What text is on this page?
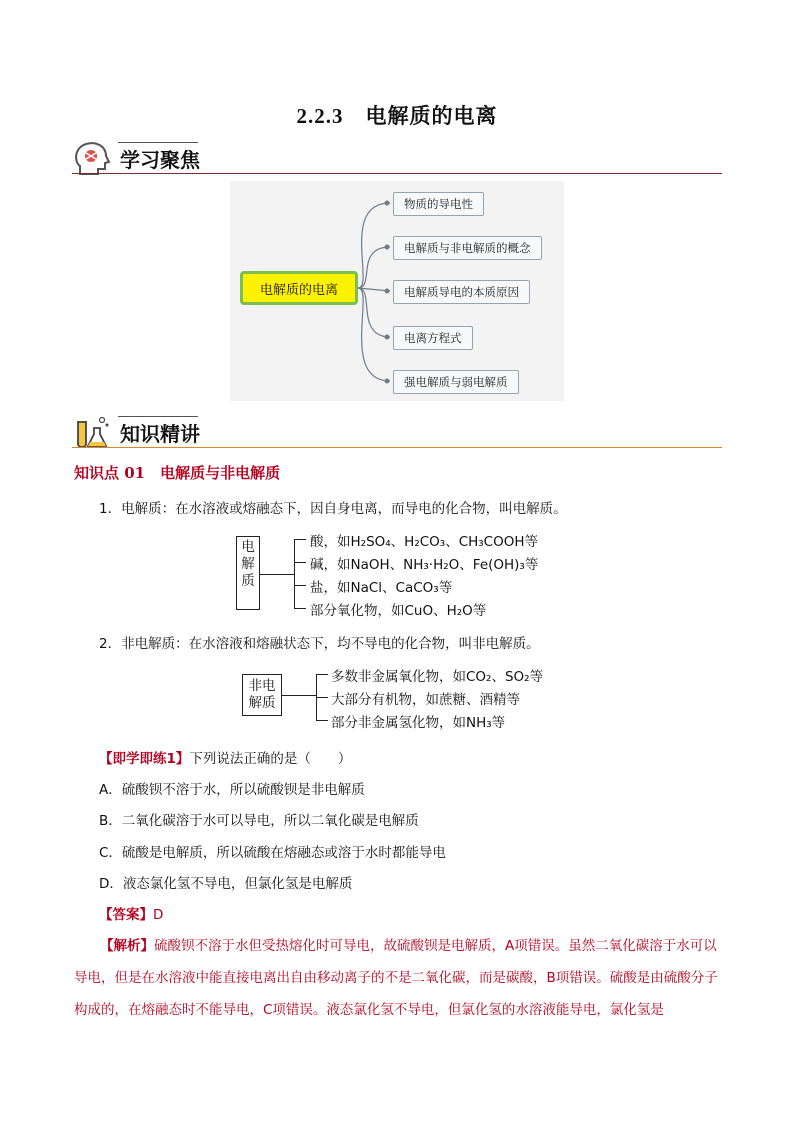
2.2.3　电解质的电离
学习聚焦
电解质的电离
物质的导电性
电解质与非电解质的概念
电解质导电的本质原因
电离方程式
强电解质与弱电解质
知识精讲
知识点 01　电解质与非电解质
1．电解质：在水溶液或熔融态下，因自身电离，而导电的化合物，叫电解质。
电解质
酸，如H₂SO₄、H₂CO₃、CH₃COOH等
碱，如NaOH、NH₃·H₂O、Fe(OH)₃等
盐，如NaCl、CaCO₃等
部分氧化物，如CuO、H₂O等
2．非电解质：在水溶液和熔融状态下，均不导电的化合物，叫非电解质。
非电解质
多数非金属氧化物，如CO₂、SO₂等
大部分有机物，如蔗糖、酒精等
部分非金属氢化物，如NH₃等
【即学即练1】下列说法正确的是（　　）
A．硫酸钡不溶于水，所以硫酸钡是非电解质
B．二氧化碳溶于水可以导电，所以二氧化碳是电解质
C．硫酸是电解质，所以硫酸在熔融态或溶于水时都能导电
D．液态氯化氢不导电，但氯化氢是电解质
【答案】D
【解析】硫酸钡不溶于水但受热熔化时可导电，故硫酸钡是电解质，A项错误。虽然二氧化碳溶于水可以导电，但是在水溶液中能直接电离出自由移动离子的不是二氧化碳，而是碳酸，B项错误。硫酸是由硫酸分子构成的，在熔融态时不能导电，C项错误。液态氯化氢不导电，但氯化氢的水溶液能导电，氯化氢是
